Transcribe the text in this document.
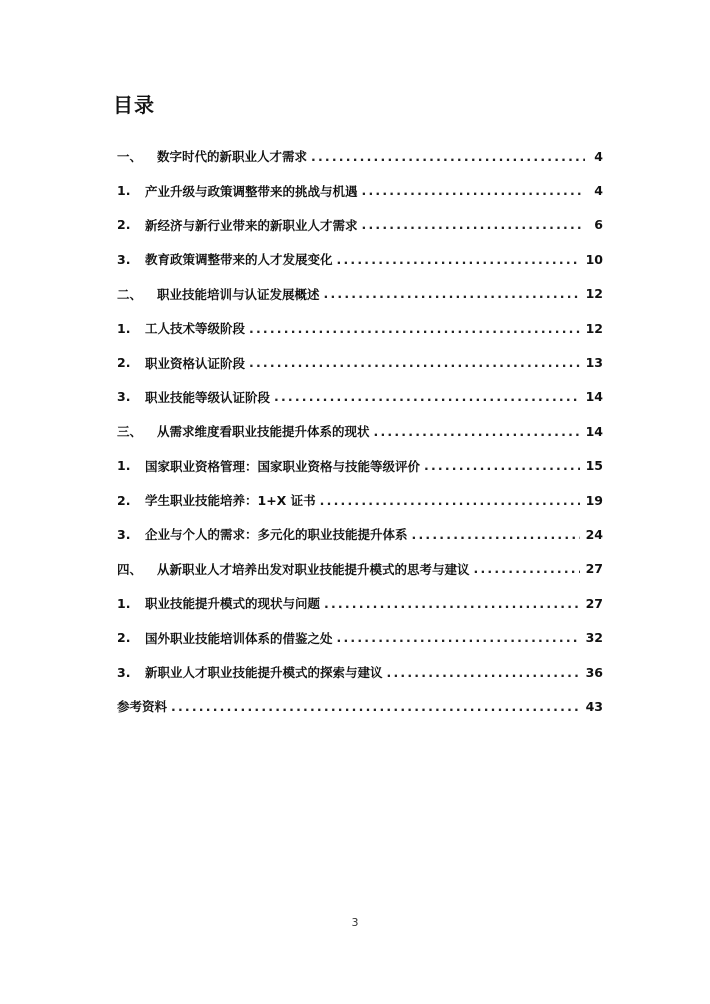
目录
一、	数字时代的新职业人才需求 .....	4
1.	产业升级与政策调整带来的挑战与机遇 .....	4
2.	新经济与新行业带来的新职业人才需求 .....	6
3.	教育政策调整带来的人才发展变化 .....	10
二、	职业技能培训与认证发展概述 .....	12
1.	工人技术等级阶段 .....	12
2.	职业资格认证阶段 .....	13
3.	职业技能等级认证阶段 .....	14
三、	从需求维度看职业技能提升体系的现状 .....	14
1.	国家职业资格管理：国家职业资格与技能等级评价 .....	15
2.	学生职业技能培养：1+X 证书 .....	19
3.	企业与个人的需求：多元化的职业技能提升体系 .....	24
四、	从新职业人才培养出发对职业技能提升模式的思考与建议 .....	27
1.	职业技能提升模式的现状与问题 .....	27
2.	国外职业技能培训体系的借鉴之处 .....	32
3.	新职业人才职业技能提升模式的探索与建议 .....	36
参考资料 .....	43
3
